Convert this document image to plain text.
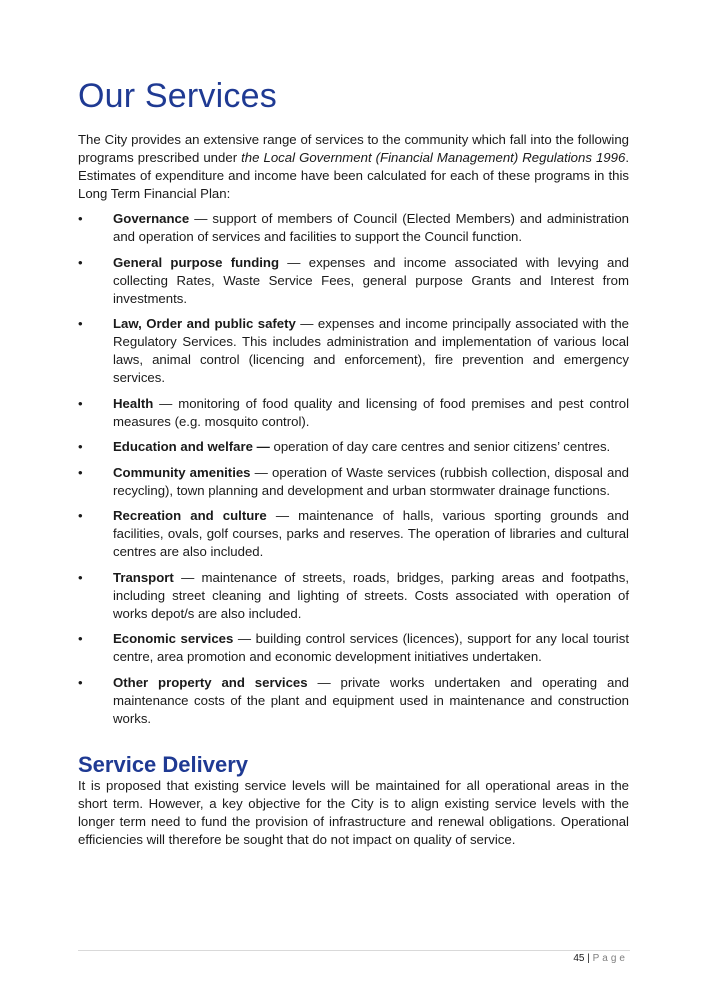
Our Services

The City provides an extensive range of services to the community which fall into the following programs prescribed under the Local Government (Financial Management) Regulations 1996. Estimates of expenditure and income have been calculated for each of these programs in this Long Term Financial Plan:

•	Governance — support of members of Council (Elected Members) and administration and operation of services and facilities to support the Council function.
•	General purpose funding — expenses and income associated with levying and collecting Rates, Waste Service Fees, general purpose Grants and Interest from investments.
•	Law, Order and public safety — expenses and income principally associated with the Regulatory Services. This includes administration and implementation of various local laws, animal control (licencing and enforcement), fire prevention and emergency services.
•	Health — monitoring of food quality and licensing of food premises and pest control measures (e.g. mosquito control).
•	Education and welfare — operation of day care centres and senior citizens’ centres.
•	Community amenities — operation of Waste services (rubbish collection, disposal and recycling), town planning and development and urban stormwater drainage functions.
•	Recreation and culture — maintenance of halls, various sporting grounds and facilities, ovals, golf courses, parks and reserves. The operation of libraries and cultural centres are also included.
•	Transport — maintenance of streets, roads, bridges, parking areas and footpaths, including street cleaning and lighting of streets. Costs associated with operation of works depot/s are also included.
•	Economic services — building control services (licences), support for any local tourist centre, area promotion and economic development initiatives undertaken.
•	Other property and services — private works undertaken and operating and maintenance costs of the plant and equipment used in maintenance and construction works.
Service Delivery

It is proposed that existing service levels will be maintained for all operational areas in the short term. However, a key objective for the City is to align existing service levels with the longer term need to fund the provision of infrastructure and renewal obligations. Operational efficiencies will therefore be sought that do not impact on quality of service.

45 | Page
